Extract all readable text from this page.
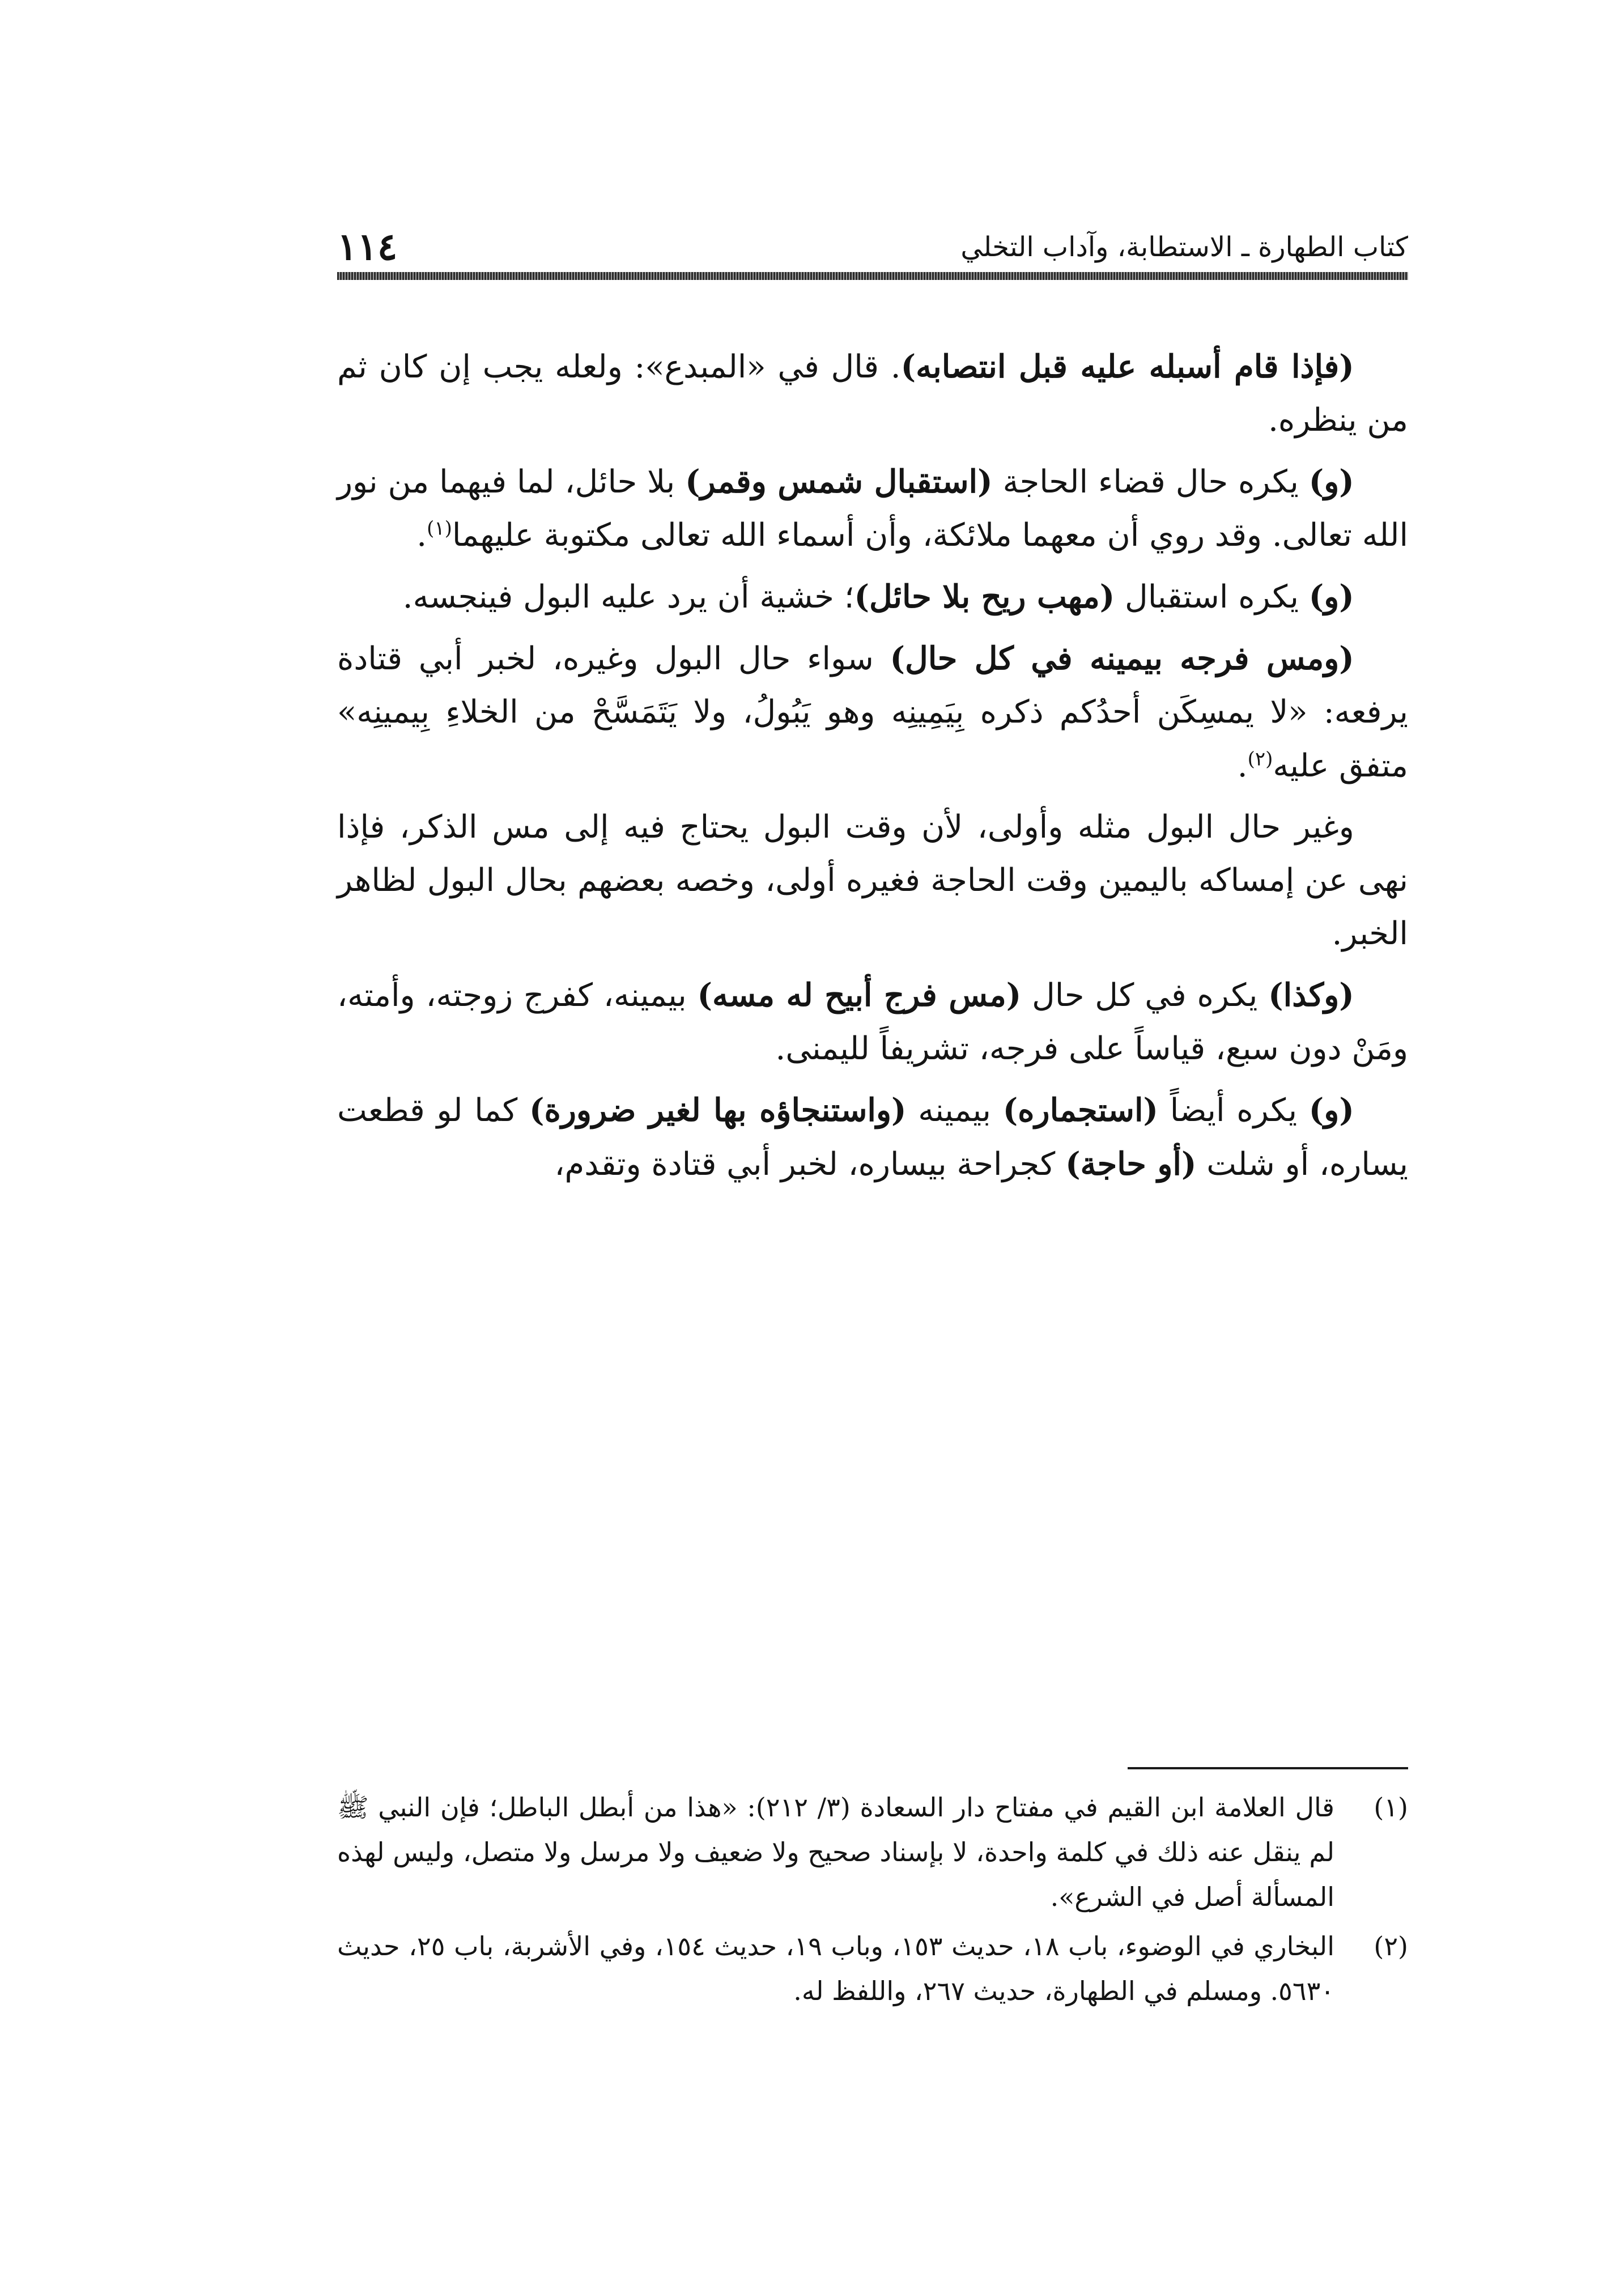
كتاب الطهارة ـ الاستطابة، وآداب التخلي
١١٤

(فإذا قام أسبله عليه قبل انتصابه). قال في «المبدع»: ولعله يجب إن كان ثم من ينظره.

(و) يكره حال قضاء الحاجة (استقبال شمس وقمر) بلا حائل، لما فيهما من نور الله تعالى. وقد روي أن معهما ملائكة، وأن أسماء الله تعالى مكتوبة عليهما$^{(١)}$.

(و) يكره استقبال (مهب ريح بلا حائل)؛ خشية أن يرد عليه البول فينجسه.

(ومس فرجه بيمينه في كل حال) سواء حال البول وغيره، لخبر أبي قتادة يرفعه: «لا يمسِكَن أحدُكم ذكره بِيَمِينِه وهو يَبُولُ، ولا يَتَمَسَّحْ من الخلاءِ بِيمينِه» متفق عليه$^{(٢)}$.

وغير حال البول مثله وأولى، لأن وقت البول يحتاج فيه إلى مس الذكر، فإذا نهى عن إمساكه باليمين وقت الحاجة فغيره أولى، وخصه بعضهم بحال البول لظاهر الخبر.

(وكذا) يكره في كل حال (مس فرج أبيح له مسه) بيمينه، كفرج زوجته، وأمته، ومَنْ دون سبع، قياساً على فرجه، تشريفاً لليمنى.

(و) يكره أيضاً (استجماره) بيمينه (واستنجاؤه بها لغير ضرورة) كما لو قطعت يساره، أو شلت (أو حاجة) كجراحة بيساره، لخبر أبي قتادة وتقدم،

(١)
قال العلامة ابن القيم في مفتاح دار السعادة (٣/ ٢١٢): «هذا من أبطل الباطل؛ فإن النبي ﷺ لم ينقل عنه ذلك في كلمة واحدة، لا بإسناد صحيح ولا ضعيف ولا مرسل ولا متصل، وليس لهذه المسألة أصل في الشرع».
(٢)
البخاري في الوضوء، باب ١٨، حديث ١٥٣، وباب ١٩، حديث ١٥٤، وفي الأشربة، باب ٢٥، حديث ٥٦٣٠. ومسلم في الطهارة، حديث ٢٦٧، واللفظ له.
